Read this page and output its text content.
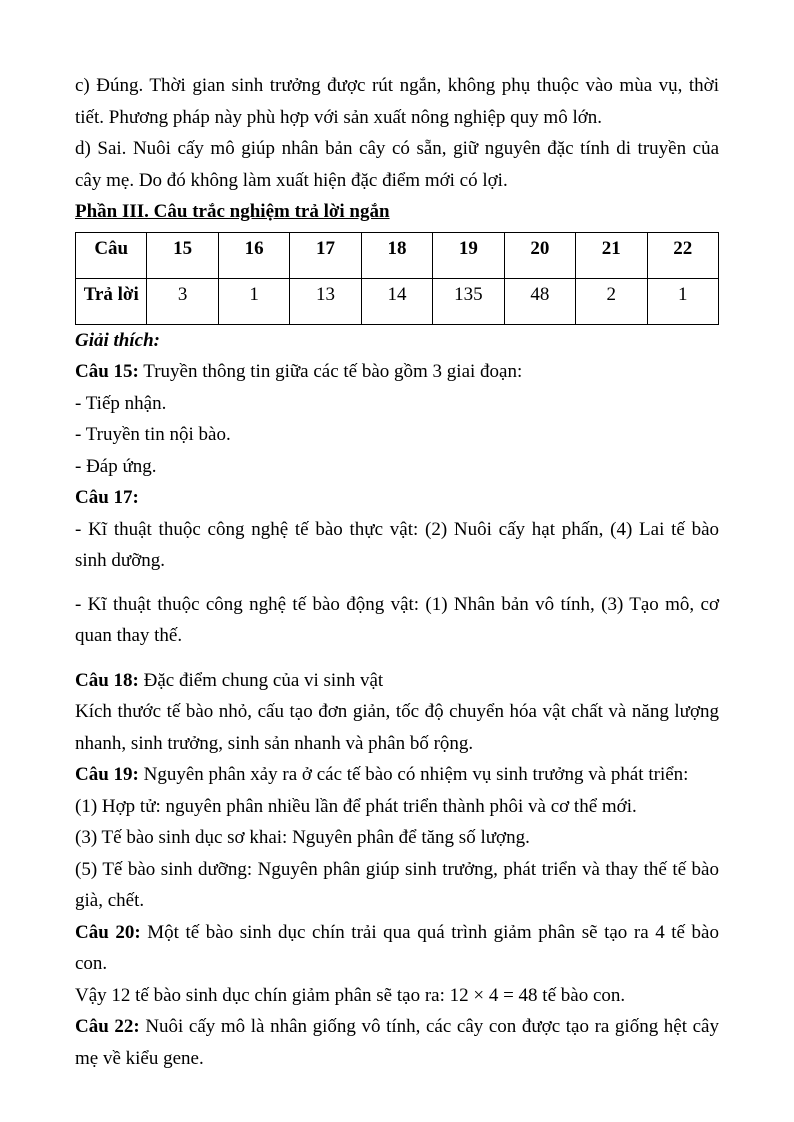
c) Đúng. Thời gian sinh trưởng được rút ngắn, không phụ thuộc vào mùa vụ, thời tiết. Phương pháp này phù hợp với sản xuất nông nghiệp quy mô lớn.

d) Sai. Nuôi cấy mô giúp nhân bản cây có sẵn, giữ nguyên đặc tính di truyền của cây mẹ. Do đó không làm xuất hiện đặc điểm mới có lợi.

Phần III. Câu trắc nghiệm trả lời ngắn

Câu	15	16	17	18	19	20	21	22
Trả lời	3	1	13	14	135	48	2	1

Giải thích:

Câu 15: Truyền thông tin giữa các tế bào gồm 3 giai đoạn:

- Tiếp nhận.

- Truyền tin nội bào.

- Đáp ứng.

Câu 17:

- Kĩ thuật thuộc công nghệ tế bào thực vật: (2) Nuôi cấy hạt phấn, (4) Lai tế bào sinh dưỡng.

- Kĩ thuật thuộc công nghệ tế bào động vật: (1) Nhân bản vô tính, (3) Tạo mô, cơ quan thay thế.

Câu 18: Đặc điểm chung của vi sinh vật

Kích thước tế bào nhỏ, cấu tạo đơn giản, tốc độ chuyển hóa vật chất và năng lượng nhanh, sinh trưởng, sinh sản nhanh và phân bố rộng.

Câu 19: Nguyên phân xảy ra ở các tế bào có nhiệm vụ sinh trưởng và phát triển:

(1) Hợp tử: nguyên phân nhiều lần để phát triển thành phôi và cơ thể mới.

(3) Tế bào sinh dục sơ khai: Nguyên phân để tăng số lượng.

(5) Tế bào sinh dưỡng: Nguyên phân giúp sinh trưởng, phát triển và thay thế tế bào già, chết.

Câu 20: Một tế bào sinh dục chín trải qua quá trình giảm phân sẽ tạo ra 4 tế bào con.

Vậy 12 tế bào sinh dục chín giảm phân sẽ tạo ra: 12 × 4 = 48 tế bào con.

Câu 22: Nuôi cấy mô là nhân giống vô tính, các cây con được tạo ra giống hệt cây mẹ về kiểu gene.
